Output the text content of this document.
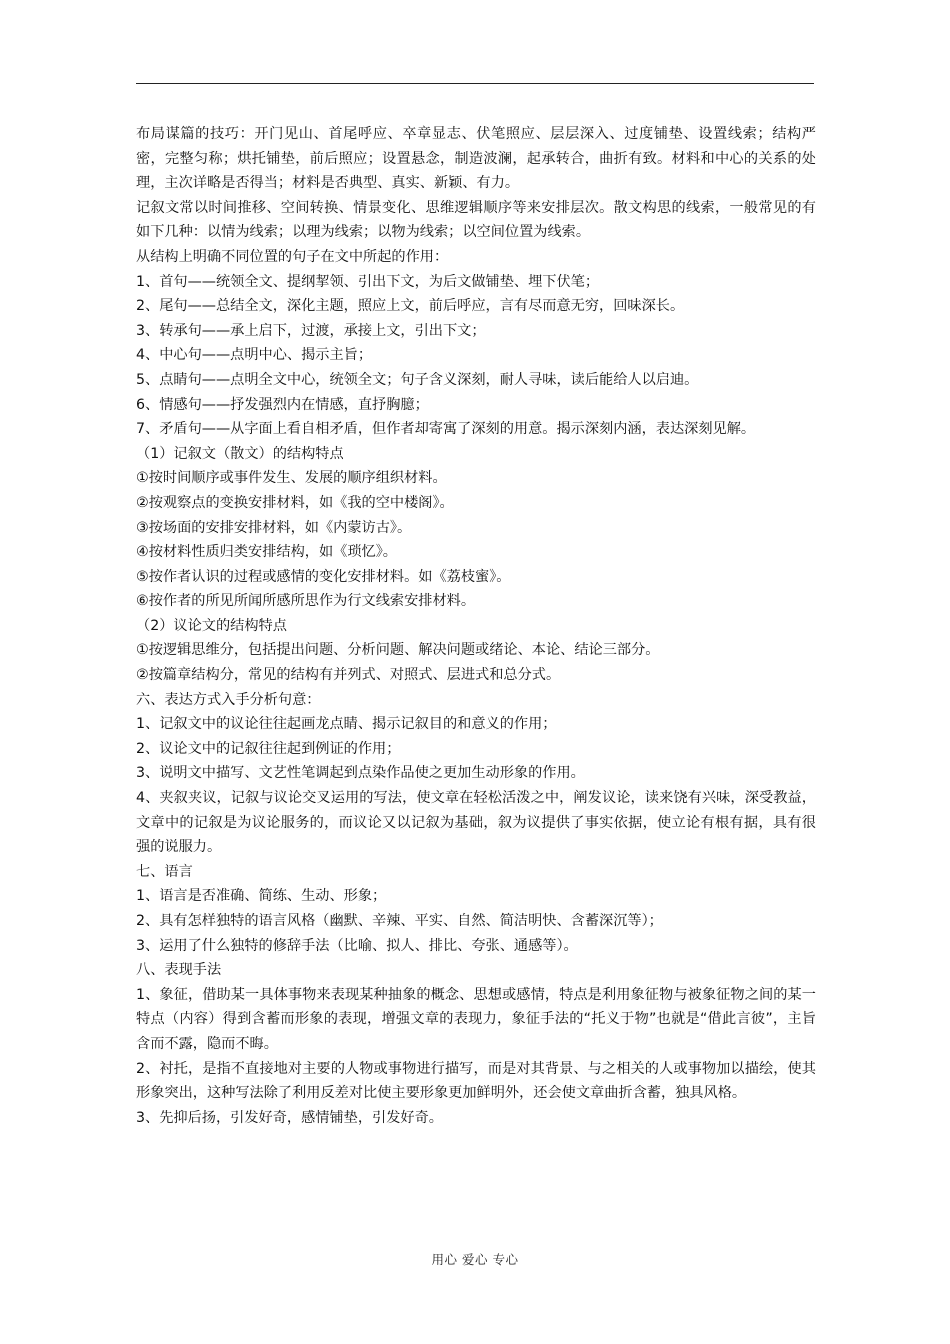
布局谋篇的技巧：开门见山、首尾呼应、卒章显志、伏笔照应、层层深入、过度铺垫、设置线索；结构严密，完整匀称；烘托铺垫，前后照应；设置悬念，制造波澜，起承转合，曲折有致。材料和中心的关系的处理，主次详略是否得当；材料是否典型、真实、新颖、有力。

记叙文常以时间推移、空间转换、情景变化、思维逻辑顺序等来安排层次。散文构思的线索，一般常见的有如下几种：以情为线索；以理为线索；以物为线索；以空间位置为线索。

从结构上明确不同位置的句子在文中所起的作用：

1、首句——统领全文、提纲挈领、引出下文，为后文做铺垫、埋下伏笔；

2、尾句——总结全文，深化主题，照应上文，前后呼应，言有尽而意无穷，回味深长。

3、转承句——承上启下，过渡，承接上文，引出下文；

4、中心句——点明中心、揭示主旨；

5、点睛句——点明全文中心，统领全文；句子含义深刻，耐人寻味，读后能给人以启迪。

6、情感句——抒发强烈内在情感，直抒胸臆；

7、矛盾句——从字面上看自相矛盾，但作者却寄寓了深刻的用意。揭示深刻内涵，表达深刻见解。

（1）记叙文（散文）的结构特点

①按时间顺序或事件发生、发展的顺序组织材料。

②按观察点的变换安排材料，如《我的空中楼阁》。

③按场面的安排安排材料，如《内蒙访古》。

④按材料性质归类安排结构，如《琐忆》。

⑤按作者认识的过程或感情的变化安排材料。如《荔枝蜜》。

⑥按作者的所见所闻所感所思作为行文线索安排材料。

（2）议论文的结构特点

①按逻辑思维分，包括提出问题、分析问题、解决问题或绪论、本论、结论三部分。

②按篇章结构分，常见的结构有并列式、对照式、层进式和总分式。

六、表达方式入手分析句意：

1、记叙文中的议论往往起画龙点睛、揭示记叙目的和意义的作用；

2、议论文中的记叙往往起到例证的作用；

3、说明文中描写、文艺性笔调起到点染作品使之更加生动形象的作用。

4、夹叙夹议，记叙与议论交叉运用的写法，使文章在轻松活泼之中，阐发议论，读来饶有兴味，深受教益，文章中的记叙是为议论服务的，而议论又以记叙为基础，叙为议提供了事实依据，使立论有根有据，具有很强的说服力。

七、语言

1、语言是否准确、简练、生动、形象；

2、具有怎样独特的语言风格（幽默、辛辣、平实、自然、简洁明快、含蓄深沉等）；

3、运用了什么独特的修辞手法（比喻、拟人、排比、夸张、通感等）。

八、表现手法

1、象征，借助某一具体事物来表现某种抽象的概念、思想或感情，特点是利用象征物与被象征物之间的某一特点（内容）得到含蓄而形象的表现，增强文章的表现力，象征手法的“托义于物”也就是“借此言彼”，主旨含而不露，隐而不晦。

2、衬托，是指不直接地对主要的人物或事物进行描写，而是对其背景、与之相关的人或事物加以描绘，使其形象突出，这种写法除了利用反差对比使主要形象更加鲜明外，还会使文章曲折含蓄，独具风格。

3、先抑后扬，引发好奇，感情铺垫，引发好奇。

用心 爱心 专心
